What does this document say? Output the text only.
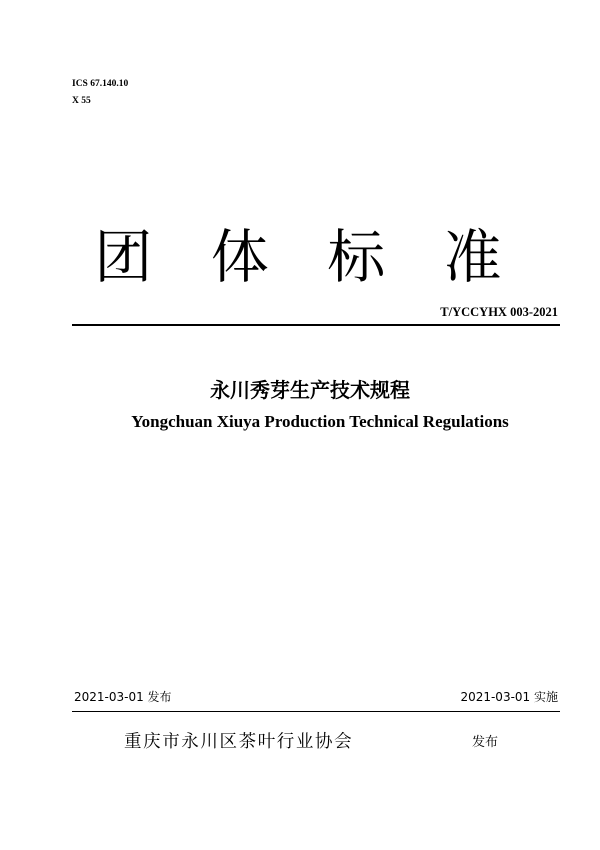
ICS 67.140.10
X 55
团 体 标 准
T/YCCYHX 003-2021
永川秀芽生产技术规程
Yongchuan Xiuya Production Technical Regulations
2021-03-01 发布	2021-03-01 实施
重庆市永川区茶叶行业协会	发布
